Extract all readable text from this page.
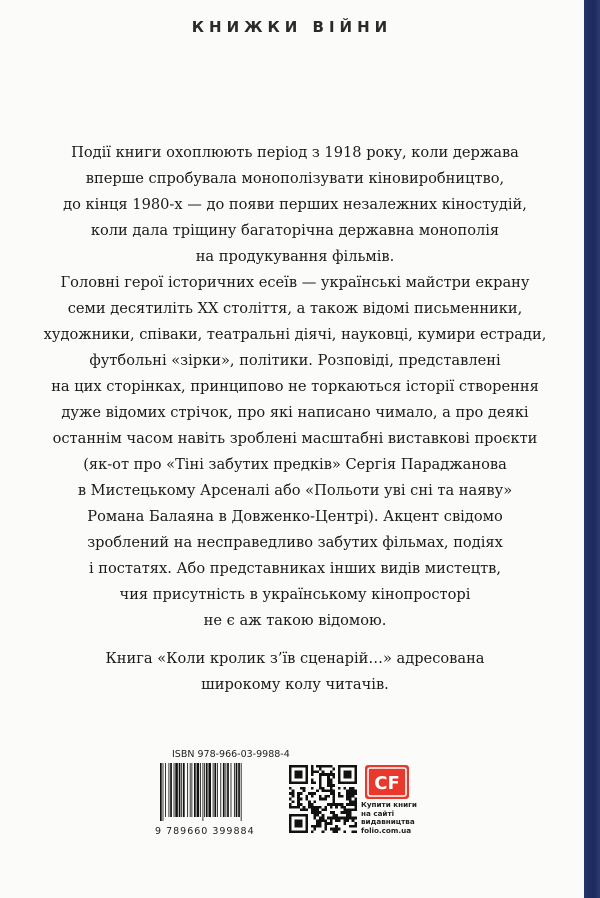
КНИЖКИ ВІЙНИ

Події книги охоплюють період з 1918 року, коли держава

вперше спробувала монополізувати кіновиробництво,

до кінця 1980-х — до появи перших незалежних кіностудій,

коли дала тріщину багаторічна державна монополія

на продукування фільмів.

Головні герої історичних есеїв — українські майстри екрану

семи десятиліть ХХ століття, а також відомі письменники,

художники, співаки, театральні діячі, науковці, кумири естради,

футбольні «зірки», політики. Розповіді, представлені

на цих сторінках, принципово не торкаються історії створення

дуже відомих стрічок, про які написано чимало, а про деякі

останнім часом навіть зроблені масштабні виставкові проєкти

(як-от про «Тіні забутих предків» Сергія Параджанова

в Мистецькому Арсеналі або «Польоти уві сні та наяву»

Романа Балаяна в Довженко-Центрі). Акцент свідомо

зроблений на несправедливо забутих фільмах, подіях

і постатях. Або представниках інших видів мистецтв,

чия присутність в українському кінопросторі

не є аж такою відомою.

Книга «Коли кролик з’їв сценарій…» адресована

широкому колу читачів.

ISBN 978-966-03-9988-4
9 789660 399884
CF
Купити книги
на сайті
видавництва
folio.com.ua
